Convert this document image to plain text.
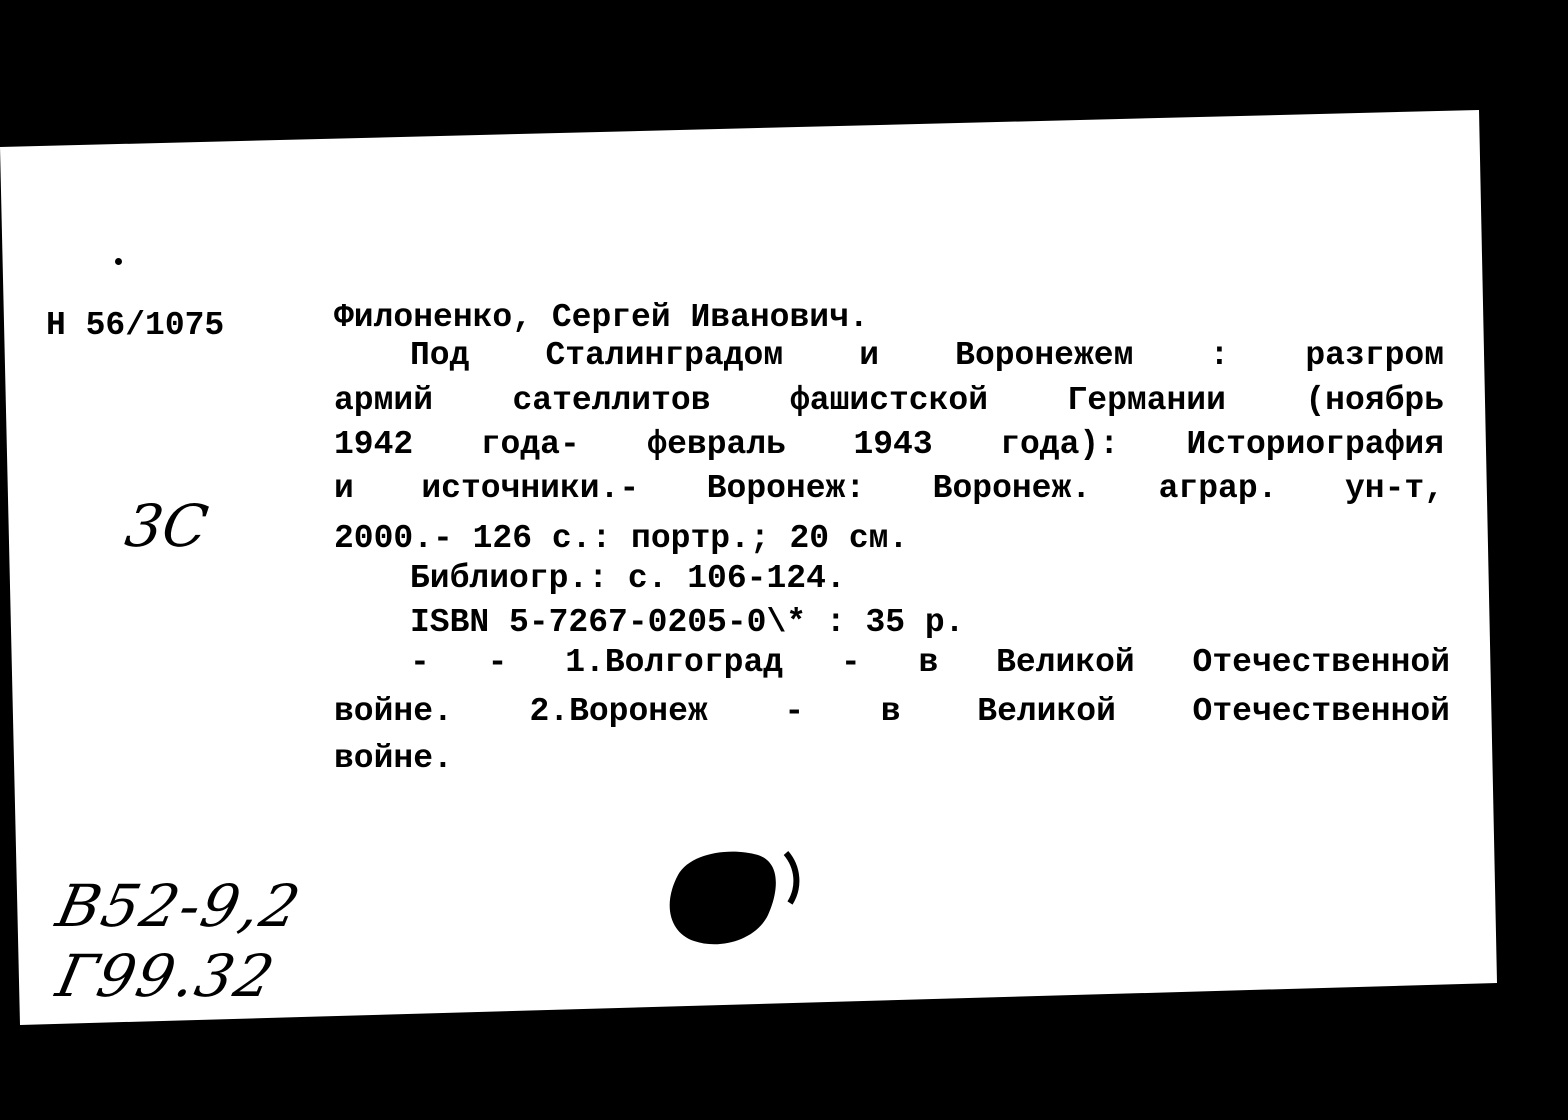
Н 56/1075	Филоненко, Сергей Иванович.
Под Сталинградом и Воронежем : разгром
армий сателлитов фашистской Германии (ноябрь
1942 года- февраль 1943 года): Историография
и источники.- Воронеж: Воронеж. аграр. ун-т,
2000.- 126 с.: портр.; 20 см.
Библиогр.: с. 106-124.
ISBN 5-7267-0205-0\* : 35 р.
- - 1.Волгоград - в Великой Отечественной
войне. 2.Воронеж - в Великой Отечественной
войне.
3С
В52-9,2
Г99.32
